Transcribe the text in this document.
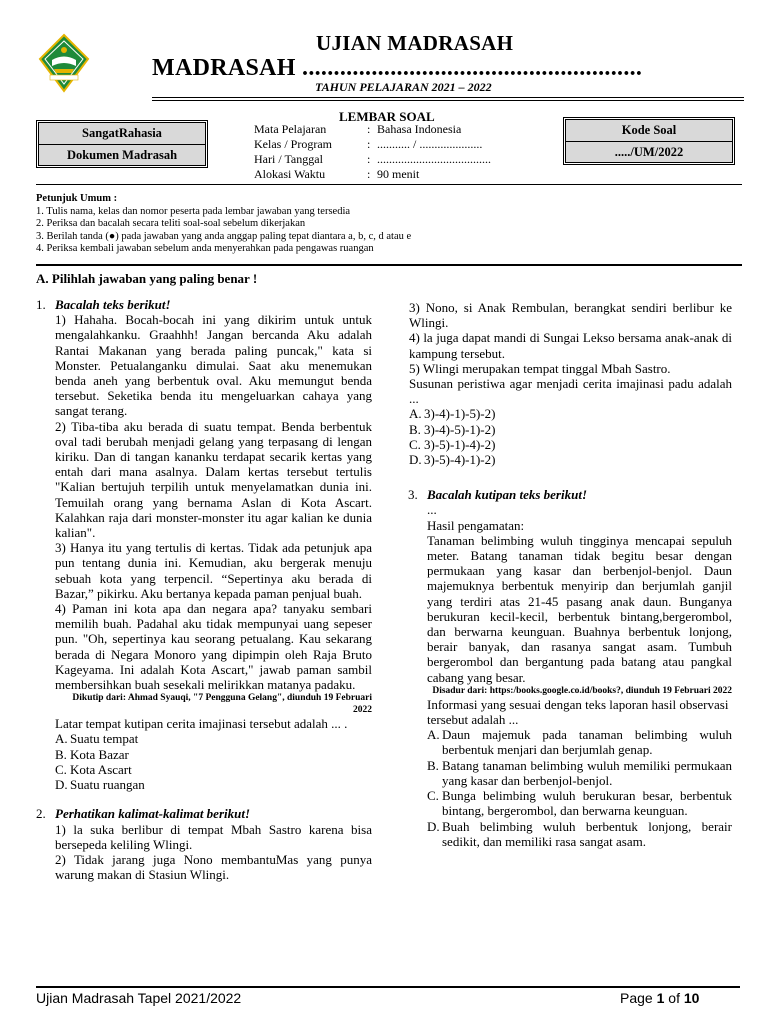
UJIAN MADRASAH
MADRASAH ......................................................
TAHUN PELAJARAN 2021 – 2022
LEMBAR SOAL
SangatRahasia
Dokumen Madrasah
Mata Pelajaran	: Bahasa Indonesia
Kelas / Program	: ........... / .....................
Hari / Tanggal	: ......................................
Alokasi Waktu	: 90 menit
Kode Soal
...../UM/2022
Petunjuk Umum :
1. Tulis nama, kelas dan nomor peserta pada lembar jawaban yang tersedia
2. Periksa dan bacalah secara teliti soal-soal sebelum dikerjakan
3. Berilah tanda (●) pada jawaban yang anda anggap paling tepat diantara a, b, c, d atau e
4. Periksa kembali jawaban sebelum anda menyerahkan pada pengawas ruangan
A. Pilihlah jawaban yang paling benar !
1. Bacalah teks berikut!

1) Hahaha. Bocah-bocah ini yang dikirim untuk untuk mengalahkanku. Graahhh! Jangan bercanda Aku adalah Rantai Makanan yang berada paling puncak," kata si Monster. Petualanganku dimulai. Saat aku menemukan benda aneh yang berbentuk oval. Aku memungut benda tersebut. Seketika benda itu mengeluarkan cahaya yang sangat terang.

2) Tiba-tiba aku berada di suatu tempat. Benda berbentuk oval tadi berubah menjadi gelang yang terpasang di lengan kiriku. Dan di tangan kananku terdapat secarik kertas yang entah dari mana asalnya. Dalam kertas tersebut tertulis "Kalian bertujuh terpilih untuk menyelamatkan dunia ini. Temuilah orang yang bernama Aslan di Kota Ascart. Kalahkan raja dari monster-monster itu agar kalian ke dunia kalian".

3) Hanya itu yang tertulis di kertas. Tidak ada petunjuk apa pun tentang dunia ini. Kemudian, aku bergerak menuju sebuah kota yang terpencil. “Sepertinya aku berada di Bazar,” pikirku. Aku bertanya kepada paman penjual buah.

4) Paman ini kota apa dan negara apa? tanyaku sembari memilih buah. Padahal aku tidak mempunyai uang sepeser pun. "Oh, sepertinya kau seorang petualang. Kau sekarang berada di Negara Monoro yang dipimpin oleh Raja Bruto Kageyama. Ini adalah Kota Ascart," jawab paman sambil membersihkan buah sesekali melirikkan matanya padaku.

Dikutip dari: Ahmad Syauqi, "7 Pengguna Gelang", diunduh 19 Februari 2022

Latar tempat kutipan cerita imajinasi tersebut adalah ... .

A. Suatu tempat
B. Kota Bazar
C. Kota Ascart
D. Suatu ruangan
2. Perhatikan kalimat-kalimat berikut!

1) la suka berlibur di tempat Mbah Sastro karena bisa bersepeda keliling Wlingi.

2) Tidak jarang juga Nono membantuMas yang punya warung makan di Stasiun Wlingi.

3) Nono, si Anak Rembulan, berangkat sendiri berlibur ke Wlingi.

4) la juga dapat mandi di Sungai Lekso bersama anak-anak di kampung tersebut.

5) Wlingi merupakan tempat tinggal Mbah Sastro.

Susunan peristiwa agar menjadi cerita imajinasi padu adalah ...

A. 3)-4)-1)-5)-2)
B. 3)-4)-5)-1)-2)
C. 3)-5)-1)-4)-2)
D. 3)-5)-4)-1)-2)
3. Bacalah kutipan teks berikut!

...

Hasil pengamatan:

Tanaman belimbing wuluh tingginya mencapai sepuluh meter. Batang tanaman tidak begitu besar dengan permukaan yang kasar dan berbenjol-benjol. Daun majemuknya berbentuk menyirip dan berjumlah ganjil yang terdiri atas 21-45 pasang anak daun. Bunganya berukuran kecil-kecil, berbentuk bintang,bergerombol, dan berwarna keunguan. Buahnya berbentuk lonjong, berair banyak, dan rasanya sangat asam. Tumbuh bergerombol dan bergantung pada batang atau pangkal cabang yang besar.

Disadur dari: https:/books.google.co.id/books?, diunduh 19 Februari 2022

Informasi yang sesuai dengan teks laporan hasil observasi tersebut adalah ...

A. Daun majemuk pada tanaman belimbing wuluh berbentuk menjari dan berjumlah genap.
B. Batang tanaman belimbing wuluh memiliki permukaan yang kasar dan berbenjol-benjol.
C. Bunga belimbing wuluh berukuran besar, berbentuk bintang, bergerombol, dan berwarna keunguan.
D. Buah belimbing wuluh berbentuk lonjong, berair sedikit, dan memiliki rasa sangat asam.
Ujian Madrasah Tapel 2021/2022	Page 1 of 10
